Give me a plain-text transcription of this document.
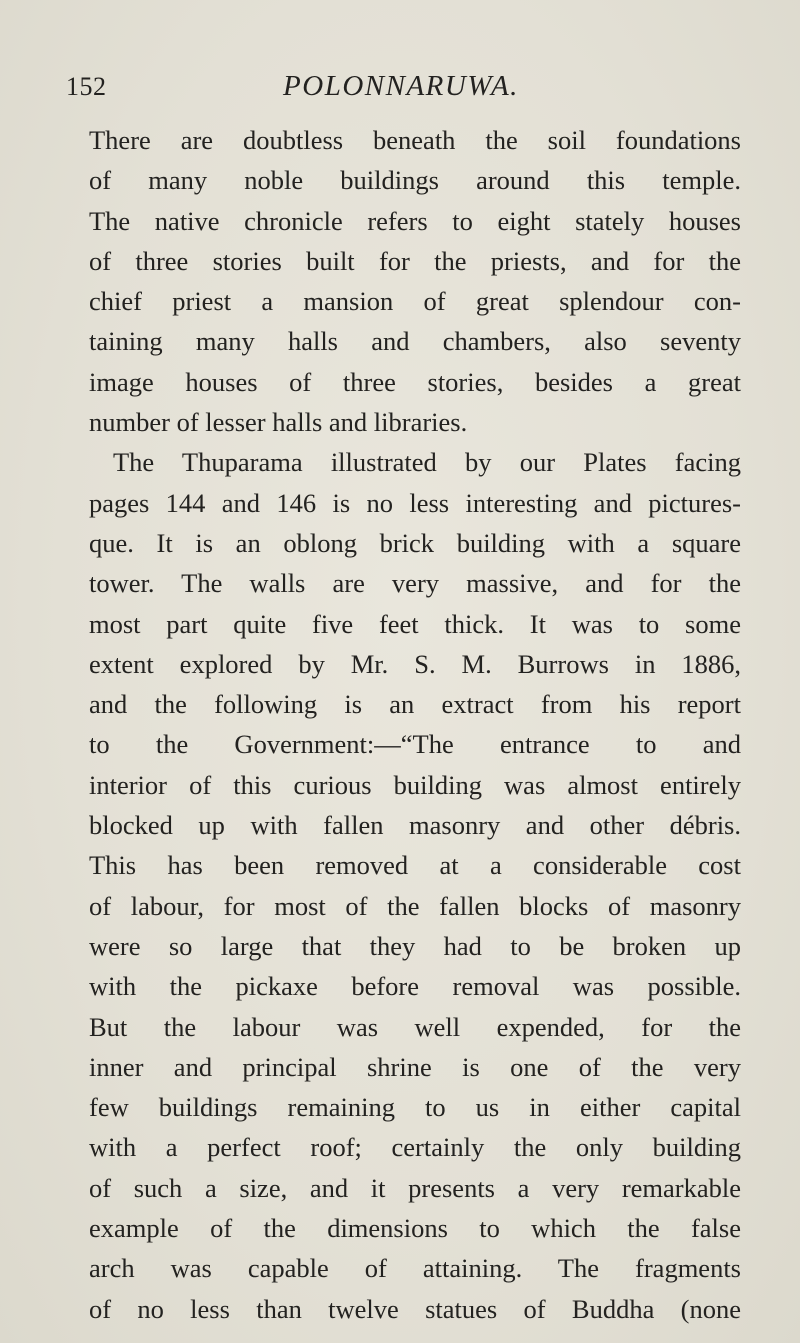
152	POLONNARUWA.
There are doubtless beneath the soil foundations
of many noble buildings around this temple.
The native chronicle refers to eight stately houses
of three stories built for the priests, and for the
chief priest a mansion of great splendour con-
taining many halls and chambers, also seventy
image houses of three stories, besides a great
number of lesser halls and libraries.
The Thuparama illustrated by our Plates facing
pages 144 and 146 is no less interesting and pictures-
que. It is an oblong brick building with a square
tower. The walls are very massive, and for the
most part quite five feet thick. It was to some
extent explored by Mr. S. M. Burrows in 1886,
and the following is an extract from his report
to the Government:—“The entrance to and
interior of this curious building was almost entirely
blocked up with fallen masonry and other débris.
This has been removed at a considerable cost
of labour, for most of the fallen blocks of masonry
were so large that they had to be broken up
with the pickaxe before removal was possible.
But the labour was well expended, for the
inner and principal shrine is one of the very
few buildings remaining to us in either capital
with a perfect roof; certainly the only building
of such a size, and it presents a very remarkable
example of the dimensions to which the false
arch was capable of attaining. The fragments
of no less than twelve statues of Buddha (none
